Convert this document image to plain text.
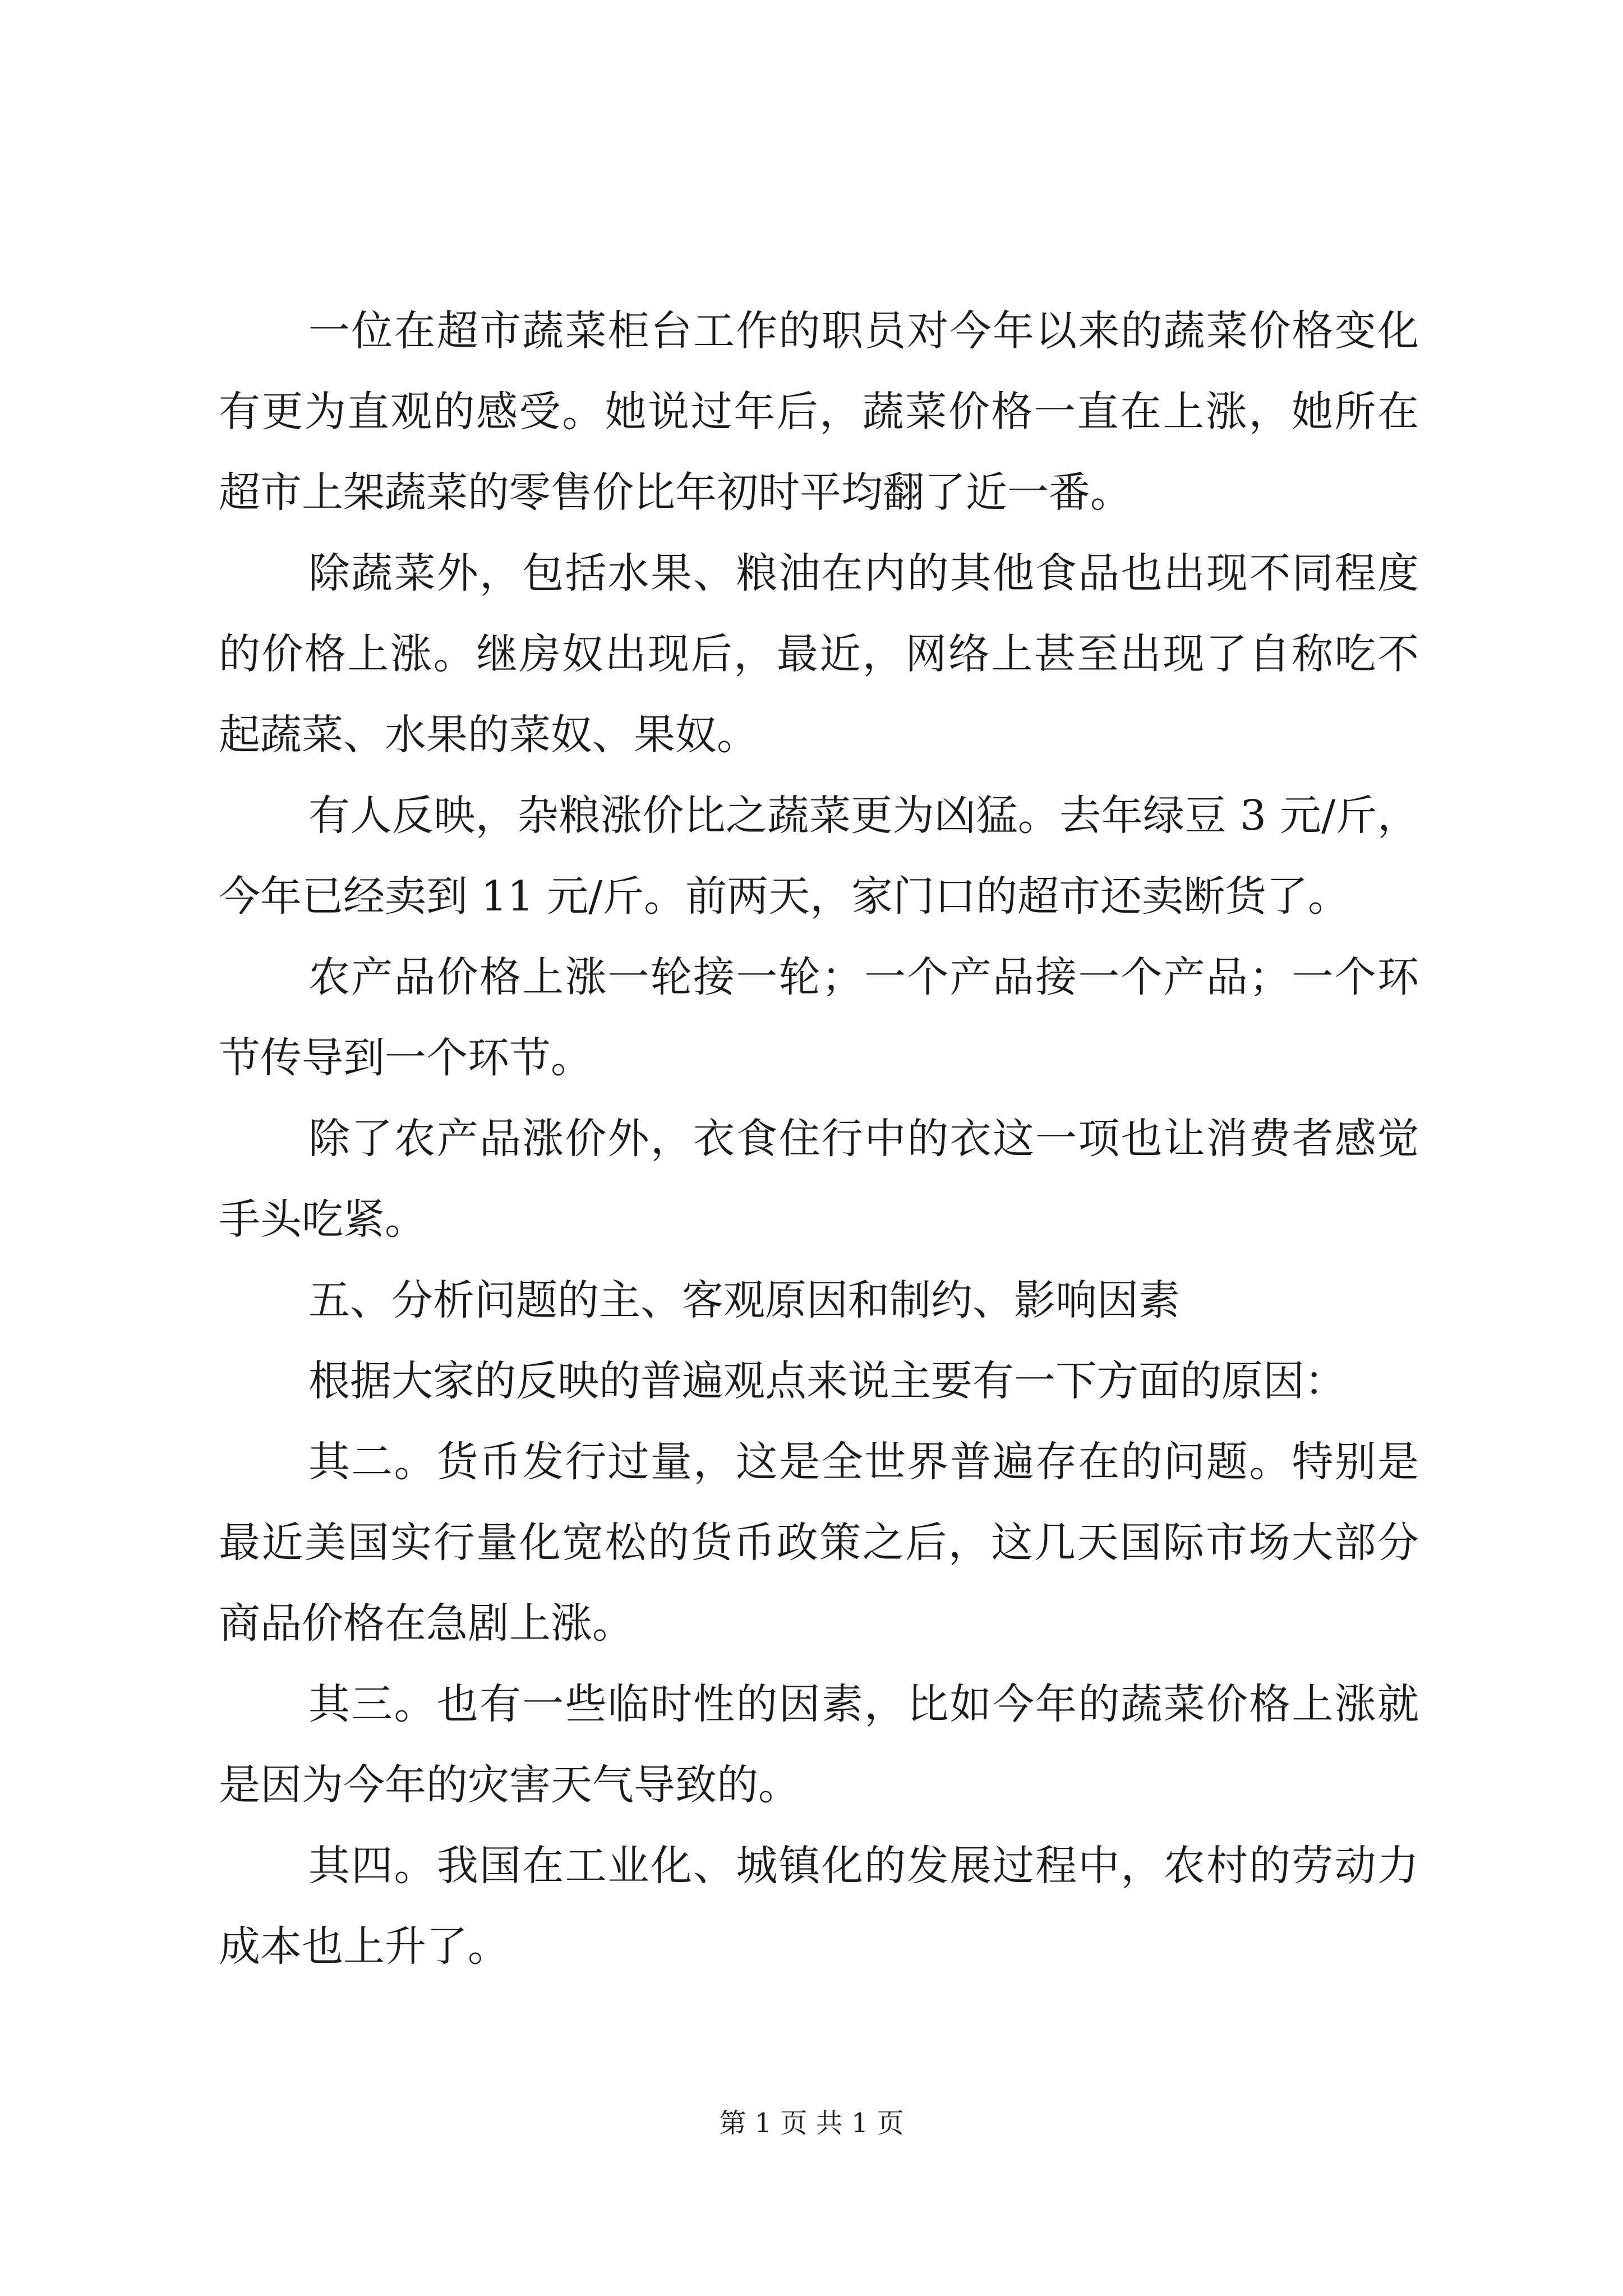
一位在超市蔬菜柜台工作的职员对今年以来的蔬菜价格变化有更为直观的感受。她说过年后，蔬菜价格一直在上涨，她所在超市上架蔬菜的零售价比年初时平均翻了近一番。

除蔬菜外，包括水果、粮油在内的其他食品也出现不同程度的价格上涨。继房奴出现后，最近，网络上甚至出现了自称吃不起蔬菜、水果的菜奴、果奴。

有人反映，杂粮涨价比之蔬菜更为凶猛。去年绿豆 3 元/斤，今年已经卖到 11 元/斤。前两天，家门口的超市还卖断货了。

农产品价格上涨一轮接一轮；一个产品接一个产品；一个环节传导到一个环节。

除了农产品涨价外，衣食住行中的衣这一项也让消费者感觉手头吃紧。

五、分析问题的主、客观原因和制约、影响因素

根据大家的反映的普遍观点来说主要有一下方面的原因：

其二。货币发行过量，这是全世界普遍存在的问题。特别是最近美国实行量化宽松的货币政策之后，这几天国际市场大部分商品价格在急剧上涨。

其三。也有一些临时性的因素，比如今年的蔬菜价格上涨就是因为今年的灾害天气导致的。

其四。我国在工业化、城镇化的发展过程中，农村的劳动力成本也上升了。

第 1 页 共 1 页
